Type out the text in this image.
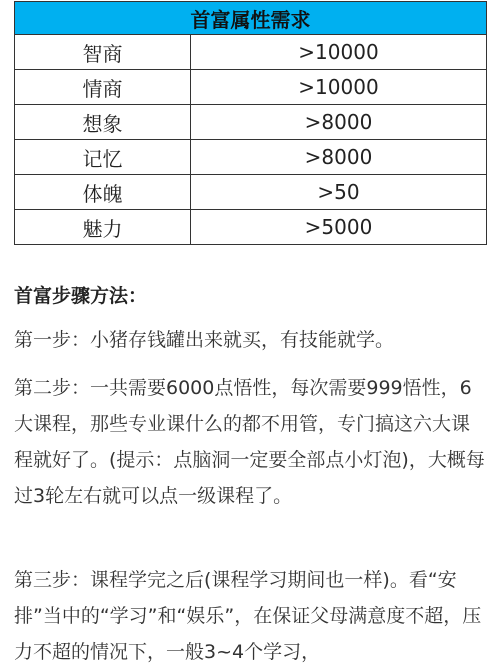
首富属性需求	
智商	>10000
情商	>10000
想象	>8000
记忆	>8000
体魄	>50
魅力	>5000
首富步骤方法：

第一步：小猪存钱罐出来就买，有技能就学。

第二步：一共需要6000点悟性，每次需要999悟性，6大课程，那些专业课什么的都不用管，专门搞这六大课程就好了。(提示：点脑洞一定要全部点小灯泡)，大概每过3轮左右就可以点一级课程了。

第三步：课程学完之后(课程学习期间也一样)。看“安排”当中的“学习”和“娱乐”，在保证父母满意度不超，压力不超的情况下，一般3~4个学习，
